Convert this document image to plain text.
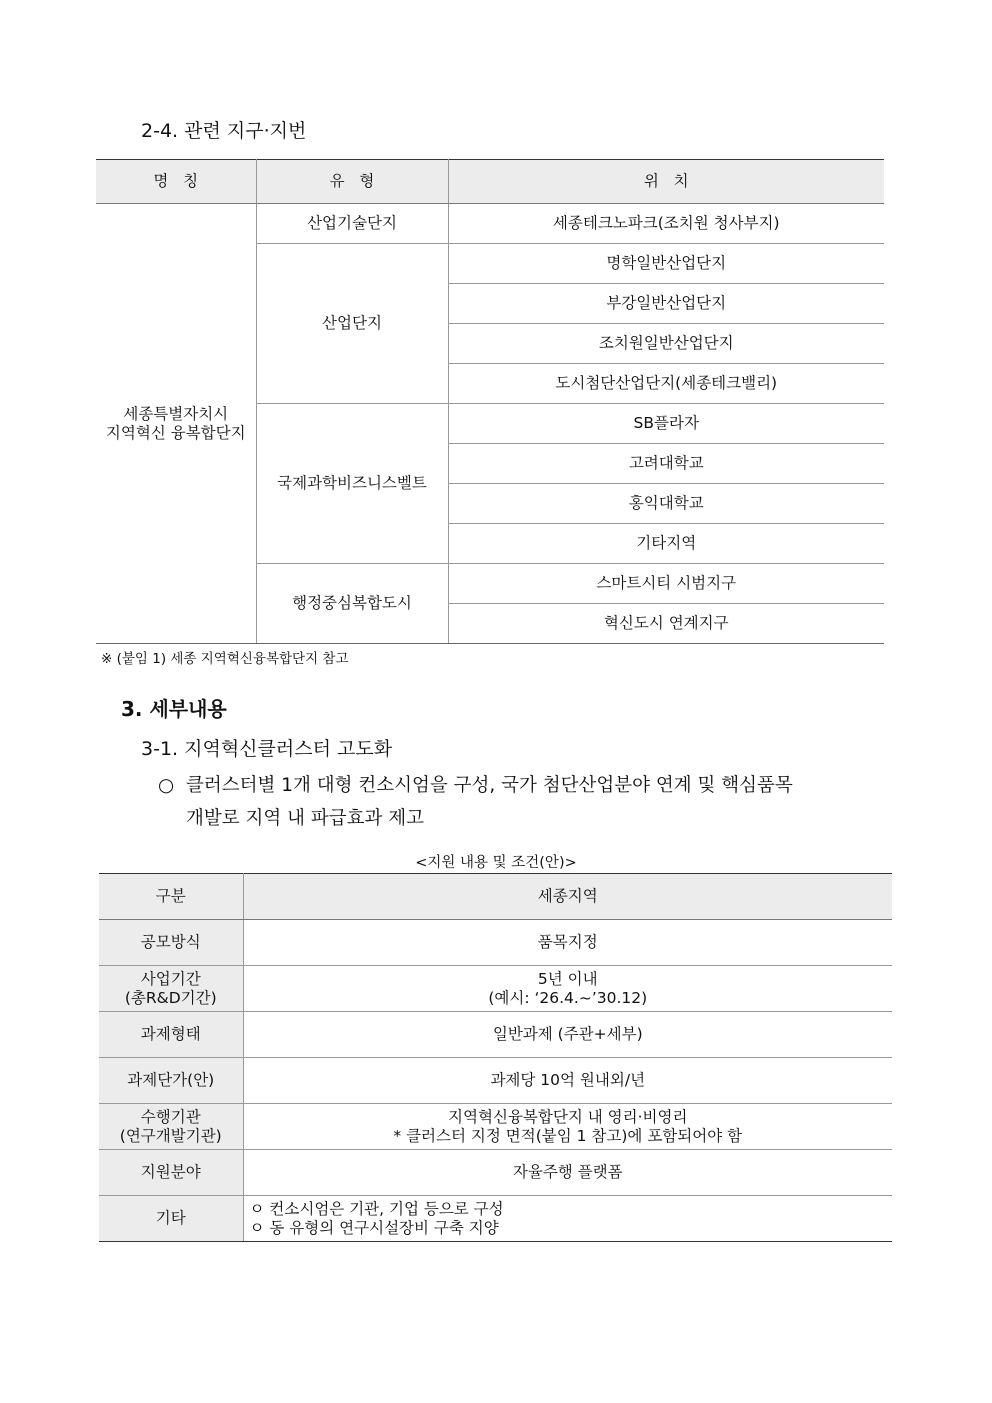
2-4. 관련 지구·지번
명   칭	유   형	위   치

세종특별자치시
지역혁신 융복합단지	산업기술단지	세종테크노파크(조치원 청사부지)
	산업단지	명학일반산업단지
		부강일반산업단지
		조치원일반산업단지
		도시첨단산업단지(세종테크밸리)
	국제과학비즈니스벨트	SB플라자
		고려대학교
		홍익대학교
		기타지역
	행정중심복합도시	스마트시티 시범지구
		혁신도시 연계지구
※ (붙임 1) 세종 지역혁신융복합단지 참고
3. 세부내용
3-1. 지역혁신클러스터 고도화
○ 클러스터별 1개 대형 컨소시엄을 구성, 국가 첨단산업분야 연계 및 핵심품목
개발로 지역 내 파급효과 제고
<지원 내용 및 조건(안)>
구분	세종지역

공모방식	품목지정

사업기간
(총R&D기간)	5년 이내
(예시: ‘26.4.~’30.12)

과제형태	일반과제 (주관+세부)

과제단가(안)	과제당 10억 원내외/년

수행기관
(연구개발기관)	지역혁신융복합단지 내 영리·비영리
* 클러스터 지정 면적(붙임 1 참고)에 포함되어야 함

지원분야	자율주행 플랫폼

기타	ㅇ 컨소시엄은 기관, 기업 등으로 구성
ㅇ 동 유형의 연구시설장비 구축 지양
